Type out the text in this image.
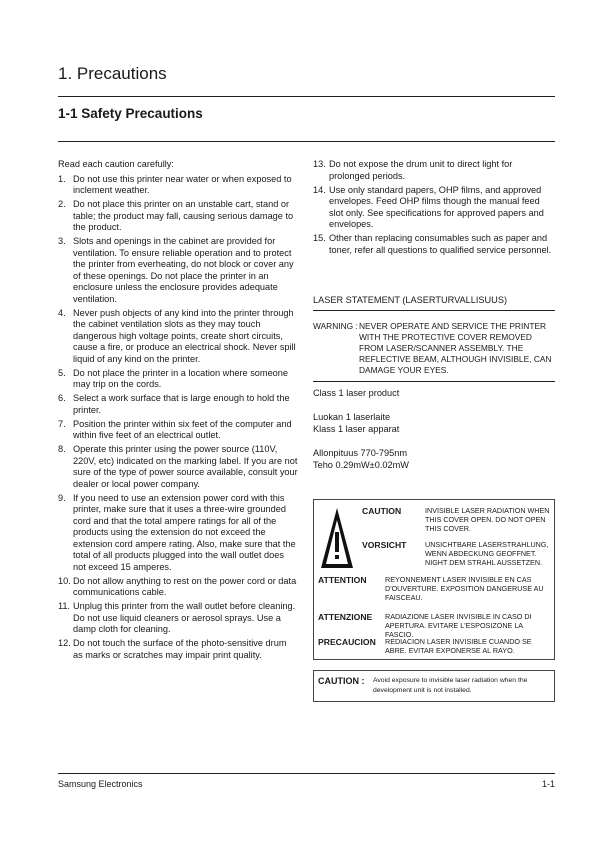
1. Precautions
1-1 Safety Precautions
Read each caution carefully:
1. Do not use this printer near water or when exposed to inclement weather.
2. Do not place this printer on an unstable cart, stand or table; the product may fall, causing serious damage to the product.
3. Slots and openings in the cabinet are provided for ventilation. To ensure reliable operation and to protect the printer from everheating, do not block or cover any of these openings. Do not place the printer in an enclosure unless the enclosure provides adequate ventilation.
4. Never push objects of any kind into the printer through the cabinet ventilation slots as they may touch dangerous high voltage points, create short circuits, cause a fire, or produce an electrical shock. Never spill liquid of any kind on the printer.
5. Do not place the printer in a location where someone may trip on the cords.
6. Select a work surface that is large enough to hold the printer.
7. Position the printer within six feet of the computer and within five feet of an electrical outlet.
8. Operate this printer using the power source (110V, 220V, etc) indicated on the marking label. If you are not sure of the type of power source available, consult your dealer or local power company.
9. If you need to use an extension power cord with this printer, make sure that it uses a three-wire grounded cord and that the total ampere ratings for all of the products using the extension do not exceed the extension cord ampere rating. Also, make sure that the total of all products plugged into the wall outlet does not exceed 15 amperes.
10. Do not allow anything to rest on the power cord or data communications cable.
11. Unplug this printer from the wall outlet before cleaning. Do not use liquid cleaners or aerosol sprays. Use a damp cloth for cleaning.
12. Do not touch the surface of the photo-sensitive drum as marks or scratches may impair print quality.
13. Do not expose the drum unit to direct light for prolonged periods.
14. Use only standard papers, OHP films, and approved envelopes. Feed OHP films though the manual feed slot only. See specifications for approved papers and envelopes.
15. Other than replacing consumables such as paper and toner, refer all questions to qualified service personnel.
LASER STATEMENT (LASERTURVALLISUUS)
WARNING : NEVER OPERATE AND SERVICE THE PRINTER WITH THE PROTECTIVE COVER REMOVED FROM LASER/SCANNER ASSEMBLY. THE REFLECTIVE BEAM, ALTHOUGH INVISIBLE, CAN DAMAGE YOUR EYES.
Class 1 laser product
Luokan 1 laserlaite
Klass 1 laser apparat
Allonpituus 770-795nm
Teho 0.29mW±0.02mW
CAUTION	INVISIBLE LASER RADIATION WHEN THIS COVER OPEN. DO NOT OPEN THIS COVER.
VORSICHT	UNSICHTBARE LASERSTRAHLUNG, WENN ABDECKUNG GEOFFNET. NIGHT DEM STRAHL AUSSETZEN.
ATTENTION	REYONNEMENT LASER INVISIBLE EN CAS D'OUVERTURE. EXPOSITION DANGERUSE AU FAISCEAU.
ATTENZIONE RADIAZIONE LASER INVISIBLE IN CASO DI APERTURA. EVITARE L'ESPOSIZONE LA FASCIO.
PRECAUCION REDIACION LASER INVISIBLE CUANDO SE ABRE. EVITAR EXPONERSE AL RAYO.
CAUTION : Avoid exposure to invisible laser radiation when the development unit is not installed.
Samsung Electronics	1-1
